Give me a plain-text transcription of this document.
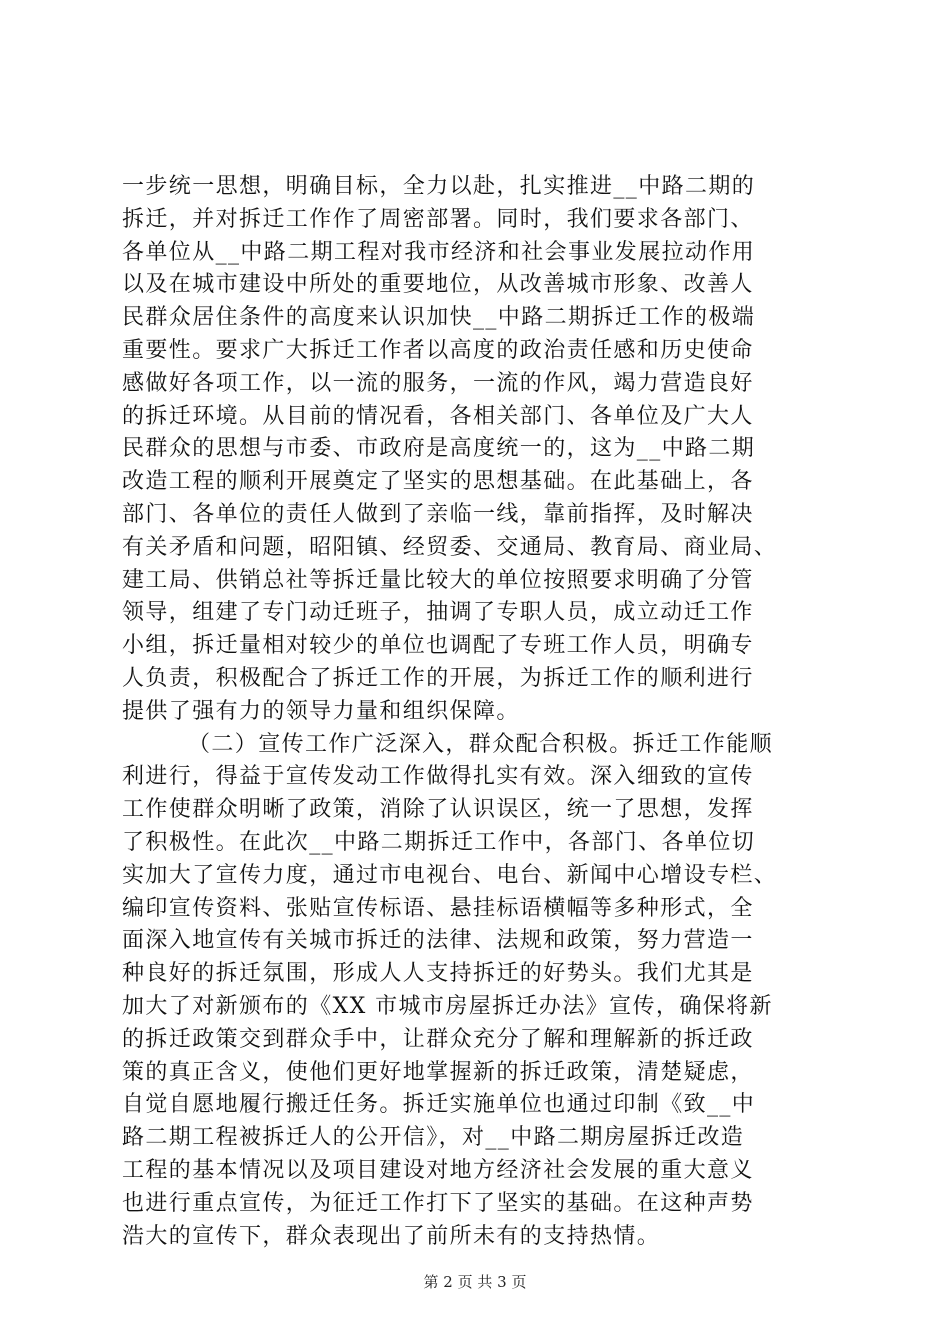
一步统一思想，明确目标，全力以赴，扎实推进__中路二期的
拆迁，并对拆迁工作作了周密部署。同时，我们要求各部门、
各单位从__中路二期工程对我市经济和社会事业发展拉动作用
以及在城市建设中所处的重要地位，从改善城市形象、改善人
民群众居住条件的高度来认识加快__中路二期拆迁工作的极端
重要性。要求广大拆迁工作者以高度的政治责任感和历史使命
感做好各项工作，以一流的服务，一流的作风，竭力营造良好
的拆迁环境。从目前的情况看，各相关部门、各单位及广大人
民群众的思想与市委、市政府是高度统一的，这为__中路二期
改造工程的顺利开展奠定了坚实的思想基础。在此基础上，各
部门、各单位的责任人做到了亲临一线，靠前指挥，及时解决
有关矛盾和问题，昭阳镇、经贸委、交通局、教育局、商业局、
建工局、供销总社等拆迁量比较大的单位按照要求明确了分管
领导，组建了专门动迁班子，抽调了专职人员，成立动迁工作
小组，拆迁量相对较少的单位也调配了专班工作人员，明确专
人负责，积极配合了拆迁工作的开展，为拆迁工作的顺利进行
提供了强有力的领导力量和组织保障。
（二）宣传工作广泛深入，群众配合积极。拆迁工作能顺
利进行，得益于宣传发动工作做得扎实有效。深入细致的宣传
工作使群众明晰了政策，消除了认识误区，统一了思想，发挥
了积极性。在此次__中路二期拆迁工作中，各部门、各单位切
实加大了宣传力度，通过市电视台、电台、新闻中心增设专栏、
编印宣传资料、张贴宣传标语、悬挂标语横幅等多种形式，全
面深入地宣传有关城市拆迁的法律、法规和政策，努力营造一
种良好的拆迁氛围，形成人人支持拆迁的好势头。我们尤其是
加大了对新颁布的《XX 市城市房屋拆迁办法》宣传，确保将新
的拆迁政策交到群众手中，让群众充分了解和理解新的拆迁政
策的真正含义，使他们更好地掌握新的拆迁政策，清楚疑虑，
自觉自愿地履行搬迁任务。拆迁实施单位也通过印制《致__中
路二期工程被拆迁人的公开信》，对__中路二期房屋拆迁改造
工程的基本情况以及项目建设对地方经济社会发展的重大意义
也进行重点宣传，为征迁工作打下了坚实的基础。在这种声势
浩大的宣传下，群众表现出了前所未有的支持热情。
第 2 页 共 3 页
